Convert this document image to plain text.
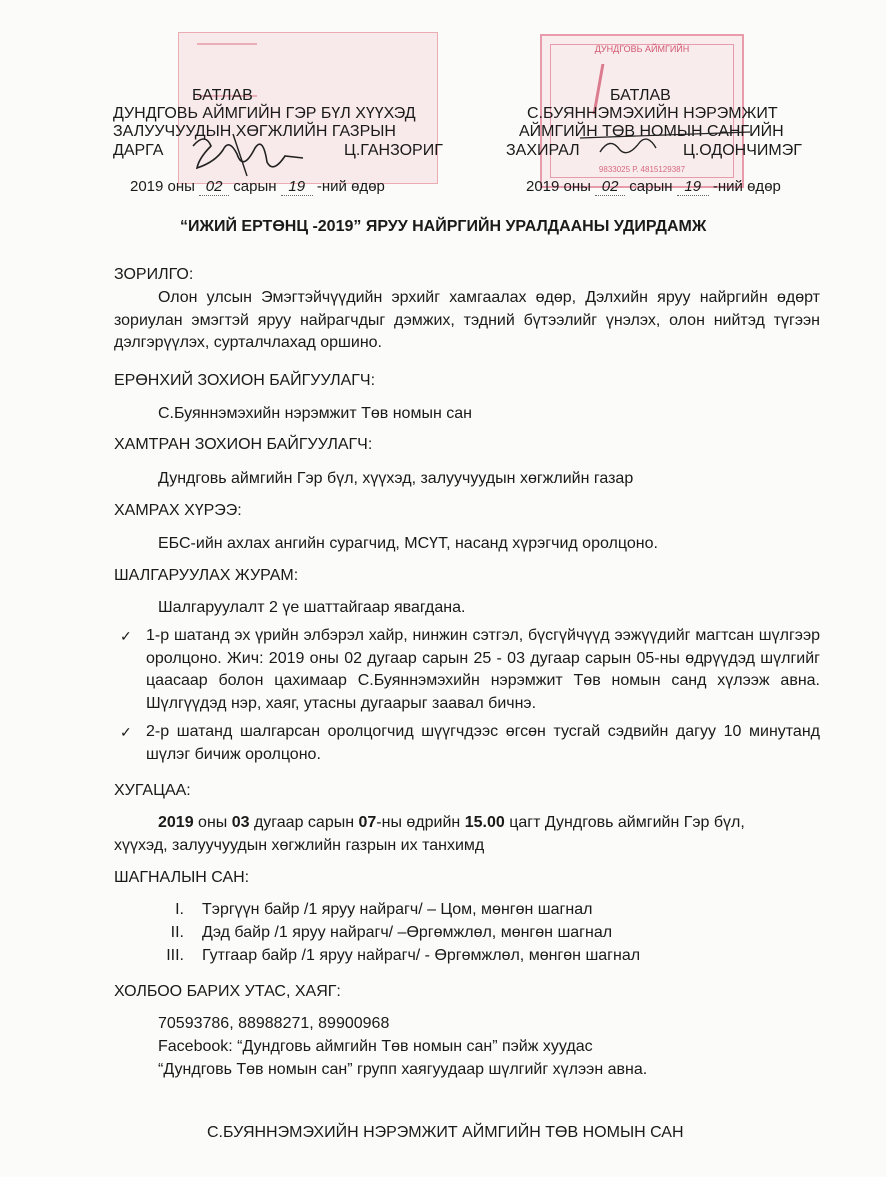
ДУНДГОВЬ АЙМГИЙН
9833025 Р. 4815129387
БАТЛАВ
ДУНДГОВЬ АЙМГИЙН ГЭР БҮЛ ХҮҮХЭД
ЗАЛУУЧУУДЫН ХӨГЖЛИЙН ГАЗРЫН
ДАРГА	Ц.ГАНЗОРИГ
2019 оны 02 сарын 19 -ний өдөр
БАТЛАВ
С.БУЯННЭМЭХИЙН НЭРЭМЖИТ
АЙМГИЙН ТӨВ НОМЫН САНГИЙН
ЗАХИРАЛ	Ц.ОДОНЧИМЭГ
2019 оны 02 сарын 19 -ний өдөр
“ИЖИЙ ЕРТӨНЦ -2019” ЯРУУ НАЙРГИЙН УРАЛДААНЫ УДИРДАМЖ
ЗОРИЛГО:
Олон улсын Эмэгтэйчүүдийн эрхийг хамгаалах өдөр, Дэлхийн яруу найргийн өдөрт зориулан эмэгтэй яруу найрагчдыг дэмжих, тэдний бүтээлийг үнэлэх, олон нийтэд түгээн дэлгэрүүлэх, сурталчлахад оршино.
ЕРӨНХИЙ ЗОХИОН БАЙГУУЛАГЧ:
С.Буяннэмэхийн нэрэмжит Төв номын сан
ХАМТРАН ЗОХИОН БАЙГУУЛАГЧ:
Дундговь аймгийн Гэр бүл, хүүхэд, залуучуудын хөгжлийн газар
ХАМРАХ ХҮРЭЭ:
ЕБС-ийн ахлах ангийн сурагчид, МСҮТ, насанд хүрэгчид оролцоно.
ШАЛГАРУУЛАХ ЖУРАМ:
Шалгаруулалт 2 үе шаттайгаар явагдана.
✓ 1-р шатанд эх үрийн элбэрэл хайр, нинжин сэтгэл, бүсгүйчүүд ээжүүдийг магтсан шүлгээр оролцоно. Жич: 2019 оны 02 дугаар сарын 25 - 03 дугаар сарын 05-ны өдрүүдэд шүлгийг цаасаар болон цахимаар С.Буяннэмэхийн нэрэмжит Төв номын санд хүлээж авна. Шүлгүүдэд нэр, хаяг, утасны дугаарыг заавал бичнэ.
✓ 2-р шатанд шалгарсан оролцогчид шүүгчдээс өгсөн тусгай сэдвийн дагуу 10 минутанд шүлэг бичиж оролцоно.
ХУГАЦАА:
2019 оны 03 дугаар сарын 07-ны өдрийн 15.00 цагт Дундговь аймгийн Гэр бүл,
хүүхэд, залуучуудын хөгжлийн газрын их танхимд
ШАГНАЛЫН САН:
I. Тэргүүн байр /1 яруу найрагч/ – Цом, мөнгөн шагнал
II. Дэд байр /1 яруу найрагч/ –Өргөмжлөл, мөнгөн шагнал
III. Гутгаар байр /1 яруу найрагч/ - Өргөмжлөл, мөнгөн шагнал
ХОЛБОО БАРИХ УТАС, ХАЯГ:
70593786, 88988271, 89900968
Facebook: “Дундговь аймгийн Төв номын сан” пэйж хуудас
“Дундговь Төв номын сан” групп хаягуудаар шүлгийг хүлээн авна.
С.БУЯННЭМЭХИЙН НЭРЭМЖИТ АЙМГИЙН ТӨВ НОМЫН САН
